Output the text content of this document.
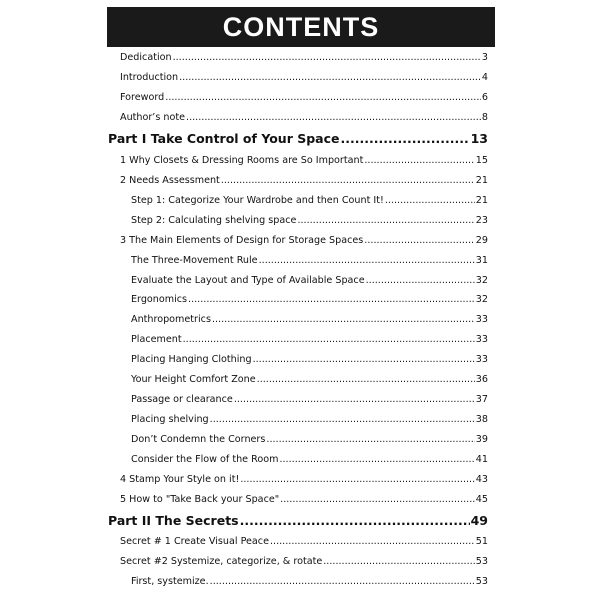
CONTENTS
Dedication .....	3
Introduction .....	4
Foreword .....	6
Author’s note .....	8
Part I Take Control of Your Space .....	13
1 Why Closets & Dressing Rooms are So Important .....	15
2 Needs Assessment .....	21
Step 1: Categorize Your Wardrobe and then Count It! .....	21
Step 2: Calculating shelving space .....	23
3 The Main Elements of Design for Storage Spaces .....	29
The Three-Movement Rule .....	31
Evaluate the Layout and Type of Available Space .....	32
Ergonomics .....	32
Anthropometrics .....	33
Placement .....	33
Placing Hanging Clothing .....	33
Your Height Comfort Zone .....	36
Passage or clearance .....	37
Placing shelving .....	38
Don’t Condemn the Corners .....	39
Consider the Flow of the Room .....	41
4 Stamp Your Style on it! .....	43
5 How to "Take Back your Space" .....	45
Part II The Secrets .....	49
Secret # 1 Create Visual Peace .....	51
Secret #2 Systemize, categorize, & rotate .....	53
First, systemize. .....	53
